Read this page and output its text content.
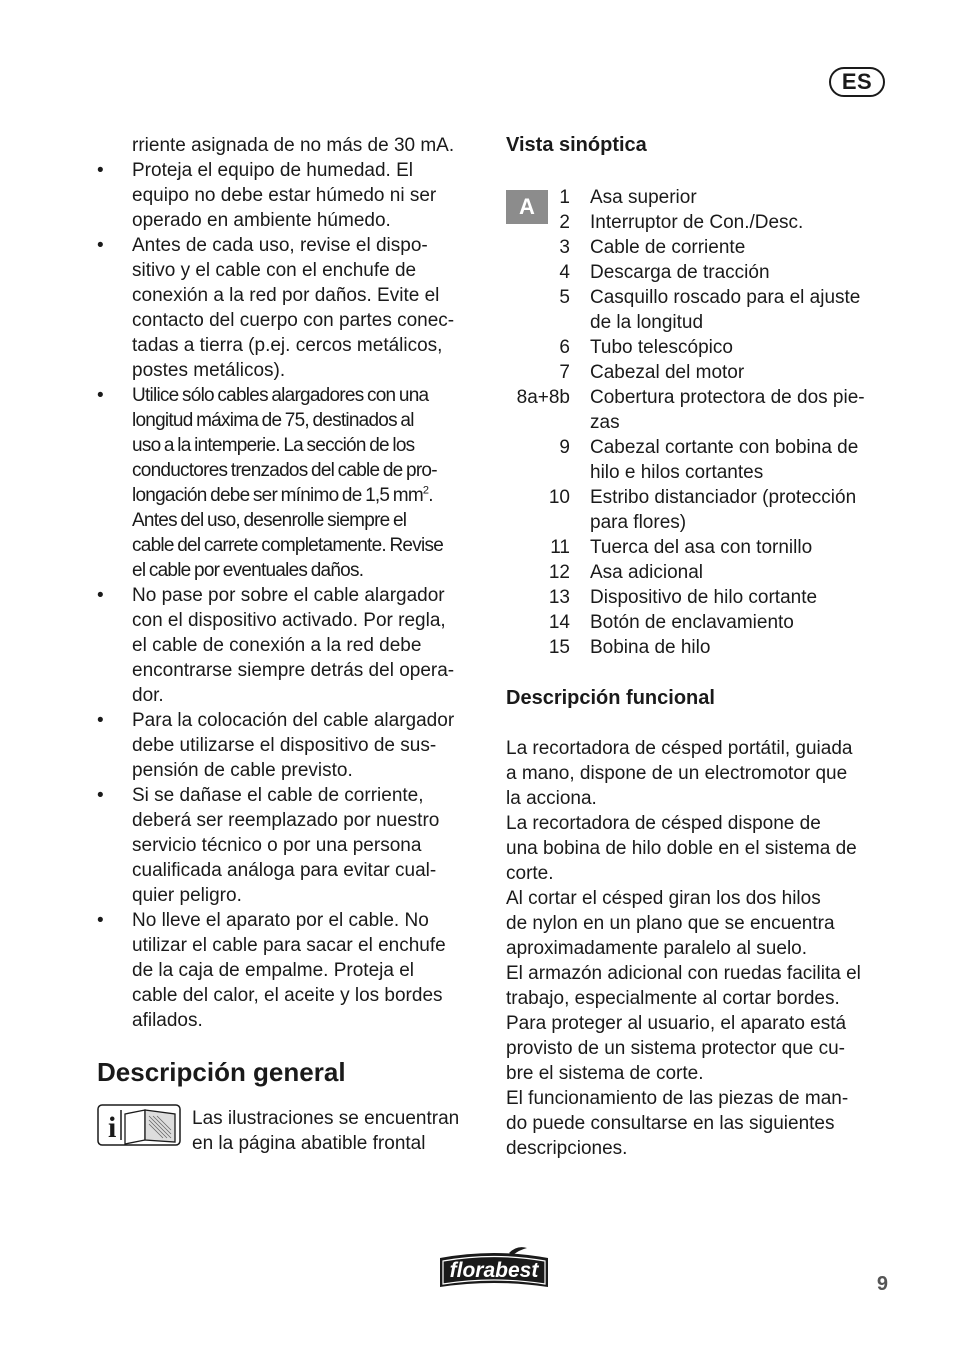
ES
rriente asignada de no más de 30 mA.
• Proteja el equipo de humedad. El
equipo no debe estar húmedo ni ser
operado en ambiente húmedo.
• Antes de cada uso, revise el dispo-
sitivo y el cable con el enchufe de
conexión a la red por daños. Evite el
contacto del cuerpo con partes conec-
tadas a tierra (p.ej. cercos metálicos,
postes metálicos).
• Utilice sólo cables alargadores con una
longitud máxima de 75, destinados al
uso a la intemperie. La sección de los
conductores trenzados del cable de pro-
longación debe ser mínimo de 1,5 $mm^2$.
Antes del uso, desenrolle siempre el
cable del carrete completamente. Revise
el cable por eventuales daños.
• No pase por sobre el cable alargador
con el dispositivo activado. Por regla,
el cable de conexión a la red debe
encontrarse siempre detrás del opera-
dor.
• Para la colocación del cable alargador
debe utilizarse el dispositivo de sus-
pensión de cable previsto.
• Si se dañase el cable de corriente,
deberá ser reemplazado por nuestro
servicio técnico o por una persona
cualificada análoga para evitar cual-
quier peligro.
• No lleve el aparato por el cable. No
utilizar el cable para sacar el enchufe
de la caja de empalme. Proteja el
cable del calor, el aceite y los bordes
afilados.
Descripción general
i	Las ilustraciones se encuentran
en la página abatible frontal
Vista sinóptica
A	1	Asa superior
2	Interruptor de Con./Desc.
3	Cable de corriente
4	Descarga de tracción
5	Casquillo roscado para el ajuste
de la longitud
6	Tubo telescópico
7	Cabezal del motor
8a+8b	Cobertura protectora de dos pie-
zas
9	Cabezal cortante con bobina de
hilo e hilos cortantes
10	Estribo distanciador (protección
para flores)
11	Tuerca del asa con tornillo
12	Asa adicional
13	Dispositivo de hilo cortante
14	Botón de enclavamiento
15	Bobina de hilo
Descripción funcional
La recortadora de césped portátil, guiada
a mano, dispone de un electromotor que
la acciona.
La recortadora de césped dispone de
una bobina de hilo doble en el sistema de
corte.
Al cortar el césped giran los dos hilos
de nylon en un plano que se encuentra
aproximadamente paralelo al suelo.
El armazón adicional con ruedas facilita el
trabajo, especialmente al cortar bordes.
Para proteger al usuario, el aparato está
provisto de un sistema protector que cu-
bre el sistema de corte.
El funcionamiento de las piezas de man-
do puede consultarse en las siguientes
descripciones.
florabest
9
